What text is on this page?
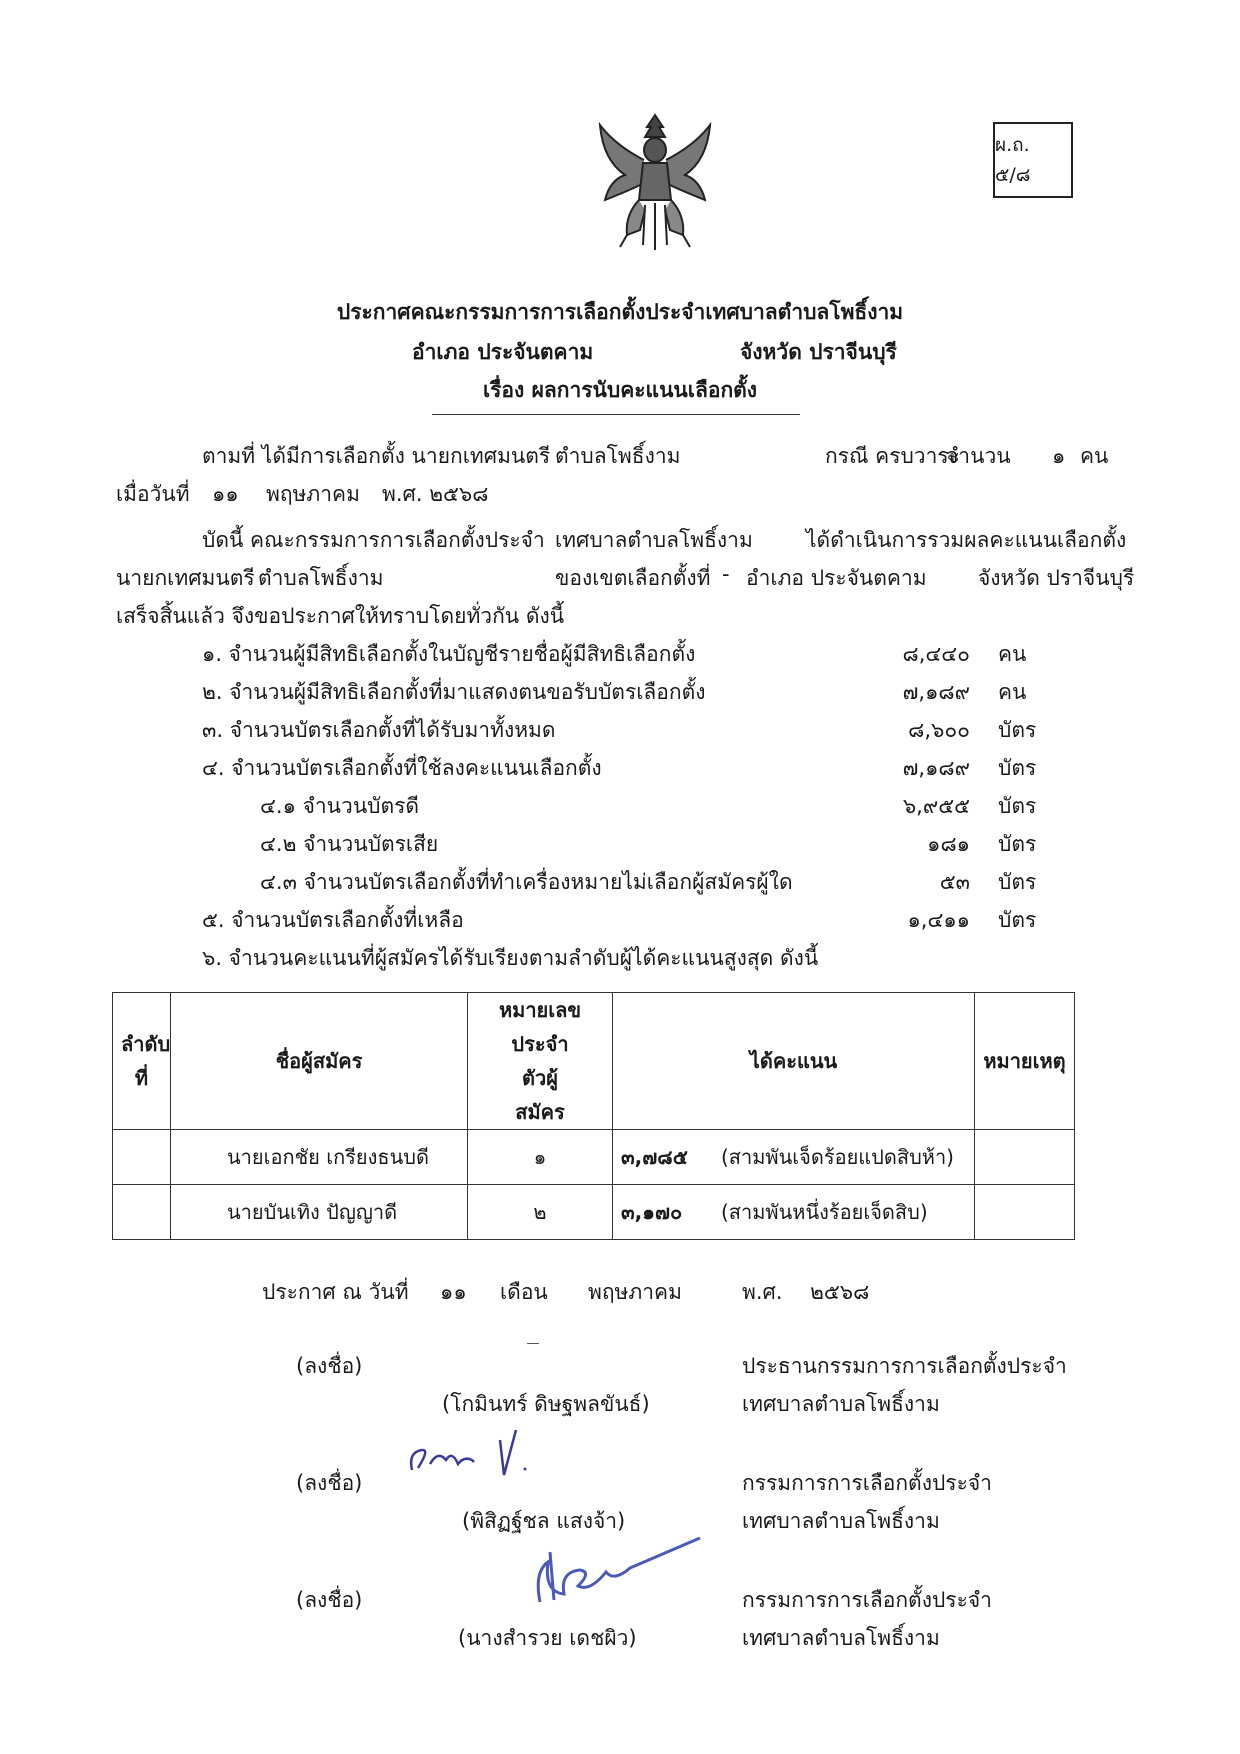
ผ.ถ. ๕/๘
ประกาศคณะกรรมการการเลือกตั้งประจำเทศบาลตำบลโพธิ์งาม
อำเภอ ประจันตคาม	จังหวัด ปราจีนบุรี
เรื่อง ผลการนับคะแนนเลือกตั้ง
ตามที่ ได้มีการเลือกตั้ง นายกเทศมนตรี ตำบลโพธิ์งาม	กรณี ครบวาระ
จำนวน ๑ คน
เมื่อวันที่ ๑๑ พฤษภาคม พ.ศ. ๒๕๖๘
บัดนี้ คณะกรรมการการเลือกตั้งประจำ เทศบาลตำบลโพธิ์งาม	ได้ดำเนินการรวมผลคะแนนเลือกตั้ง
นายกเทศมนตรี ตำบลโพธิ์งาม	ของเขตเลือกตั้งที่ - อำเภอ ประจันตคาม จังหวัด ปราจีนบุรี
เสร็จสิ้นแล้ว จึงขอประกาศให้ทราบโดยทั่วกัน ดังนี้
๑. จำนวนผู้มีสิทธิเลือกตั้งในบัญชีรายชื่อผู้มีสิทธิเลือกตั้ง	๘,๔๔๐ คน
๒. จำนวนผู้มีสิทธิเลือกตั้งที่มาแสดงตนขอรับบัตรเลือกตั้ง	๗,๑๘๙ คน
๓. จำนวนบัตรเลือกตั้งที่ได้รับมาทั้งหมด	๘,๖๐๐ บัตร
๔. จำนวนบัตรเลือกตั้งที่ใช้ลงคะแนนเลือกตั้ง	๗,๑๘๙ บัตร
๔.๑ จำนวนบัตรดี	๖,๙๕๕ บัตร
๔.๒ จำนวนบัตรเสีย	๑๘๑ บัตร
๔.๓ จำนวนบัตรเลือกตั้งที่ทำเครื่องหมายไม่เลือกผู้สมัครผู้ใด	๕๓ บัตร
๕. จำนวนบัตรเลือกตั้งที่เหลือ	๑,๔๑๑ บัตร
๖. จำนวนคะแนนที่ผู้สมัครได้รับเรียงตามลำดับผู้ได้คะแนนสูงสุด ดังนี้
ลำดับที่	ชื่อผู้สมัคร	หมายเลขประจำตัวผู้สมัคร	ได้คะแนน	หมายเหตุ
	นายเอกชัย เกรียงธนบดี	๑	๓,๗๘๕ (สามพันเจ็ดร้อยแปดสิบห้า)	
	นายบันเทิง ปัญญาดี	๒	๓,๑๗๐ (สามพันหนึ่งร้อยเจ็ดสิบ)	
ประกาศ ณ วันที่ ๑๑ เดือน พฤษภาคม	พ.ศ. ๒๕๖๘
(ลงชื่อ)
(โกมินทร์ ดิษฐพลขันธ์)
ประธานกรรมการการเลือกตั้งประจำ
เทศบาลตำบลโพธิ์งาม
(ลงชื่อ)
(พิสิฏฐ์ชล แสงจ้า)
กรรมการการเลือกตั้งประจำ
เทศบาลตำบลโพธิ์งาม
(ลงชื่อ)
(นางสำรวย เดชผิว)
กรรมการการเลือกตั้งประจำ
เทศบาลตำบลโพธิ์งาม
